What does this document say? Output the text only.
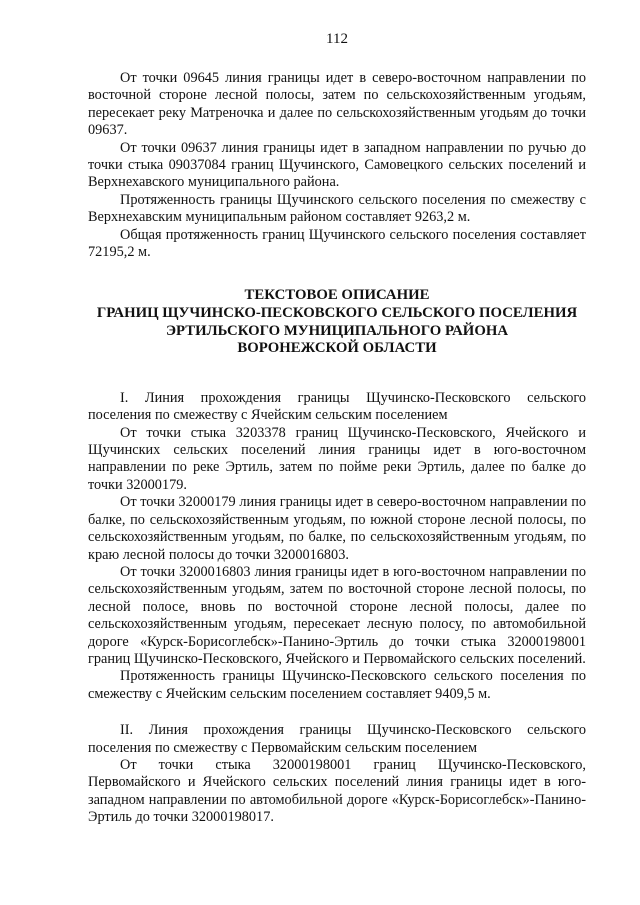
112

От точки 09645 линия границы идет в северо-восточном направлении по восточной стороне лесной полосы, затем по сельскохозяйственным угодьям, пересекает реку Матреночка и далее по сельскохозяйственным угодьям до точки 09637.

От точки 09637 линия границы идет в западном направлении по ручью до точки стыка 09037084 границ Щучинского, Самовецкого сельских поселений и Верхнехавского муниципального района.

Протяженность границы Щучинского сельского поселения по смежеству с Верхнехавским муниципальным районом составляет 9263,2 м.

Общая протяженность границ Щучинского сельского поселения составляет 72195,2 м.

ТЕКСТОВОЕ ОПИСАНИЕ
ГРАНИЦ ЩУЧИНСКО-ПЕСКОВСКОГО СЕЛЬСКОГО ПОСЕЛЕНИЯ
ЭРТИЛЬСКОГО МУНИЦИПАЛЬНОГО РАЙОНА
ВОРОНЕЖСКОЙ ОБЛАСТИ

I. Линия прохождения границы Щучинско-Песковского сельского поселения по смежеству с Ячейским сельским поселением

От точки стыка 3203378 границ Щучинско-Песковского, Ячейского и Щучинских сельских поселений линия границы идет в юго-восточном направлении по реке Эртиль, затем по пойме реки Эртиль, далее по балке до точки 32000179.

От точки 32000179 линия границы идет в северо-восточном направлении по балке, по сельскохозяйственным угодьям, по южной стороне лесной полосы, по сельскохозяйственным угодьям, по балке, по сельскохозяйственным угодьям, по краю лесной полосы до точки 3200016803.

От точки 3200016803 линия границы идет в юго-восточном направлении по сельскохозяйственным угодьям, затем по восточной стороне лесной полосы, по лесной полосе, вновь по восточной стороне лесной полосы, далее по сельскохозяйственным угодьям, пересекает лесную полосу, по автомобильной дороге «Курск-Борисоглебск»-Панино-Эртиль до точки стыка 32000198001 границ Щучинско-Песковского, Ячейского и Первомайского сельских поселений.

Протяженность границы Щучинско-Песковского сельского поселения по смежеству с Ячейским сельским поселением составляет 9409,5 м.

II. Линия прохождения границы Щучинско-Песковского сельского поселения по смежеству с Первомайским сельским поселением

От точки стыка 32000198001 границ Щучинско-Песковского, Первомайского и Ячейского сельских поселений линия границы идет в юго-западном направлении по автомобильной дороге «Курск-Борисоглебск»-Панино-Эртиль до точки 32000198017.
